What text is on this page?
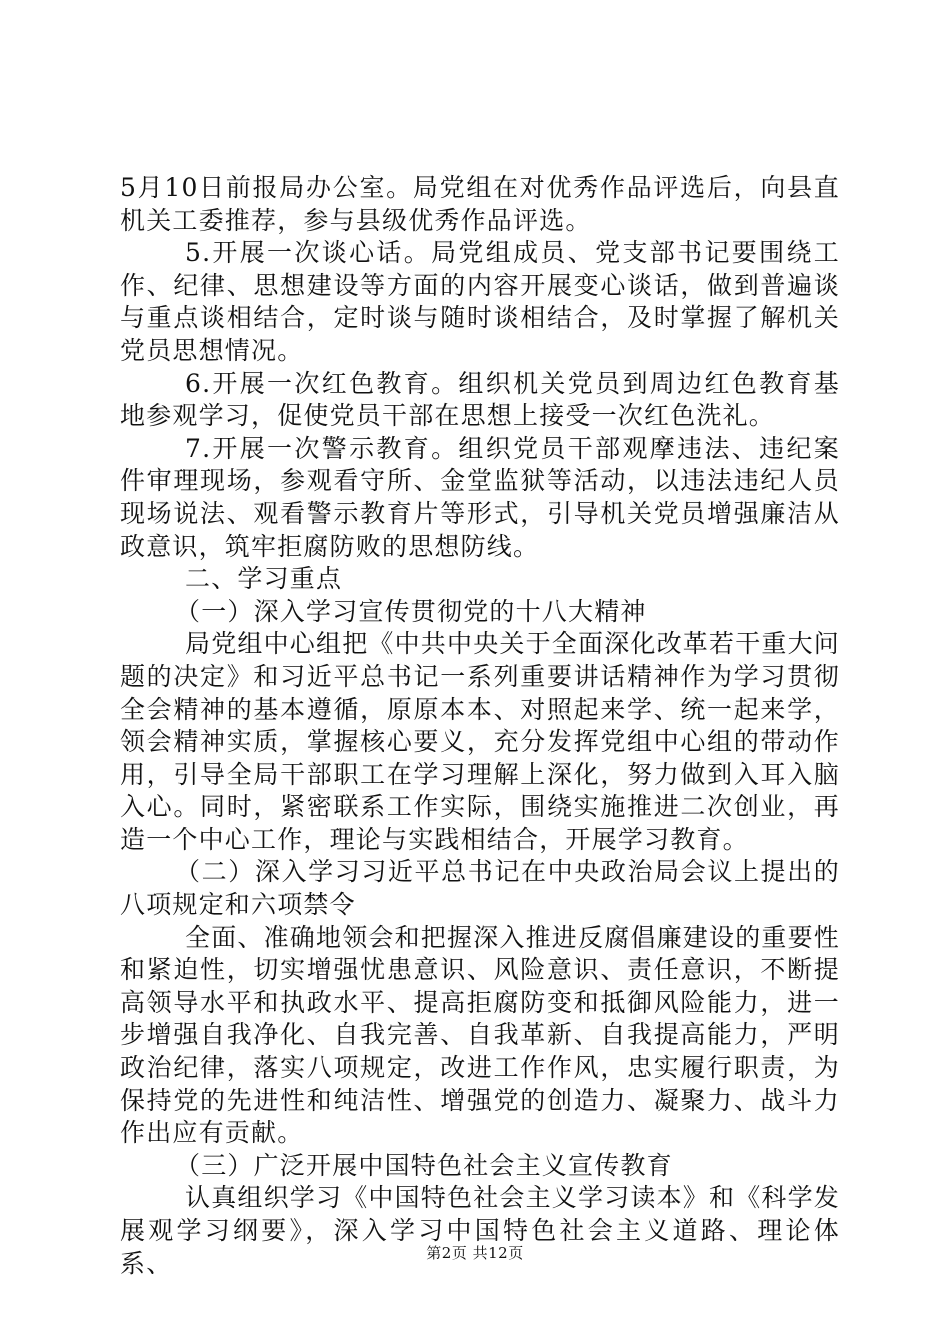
5月10日前报局办公室。局党组在对优秀作品评选后，向县直机关工委推荐，参与县级优秀作品评选。

5.开展一次谈心话。局党组成员、党支部书记要围绕工作、纪律、思想建设等方面的内容开展变心谈话，做到普遍谈与重点谈相结合，定时谈与随时谈相结合，及时掌握了解机关党员思想情况。

6.开展一次红色教育。组织机关党员到周边红色教育基地参观学习，促使党员干部在思想上接受一次红色洗礼。

7.开展一次警示教育。组织党员干部观摩违法、违纪案件审理现场，参观看守所、金堂监狱等活动，以违法违纪人员现场说法、观看警示教育片等形式，引导机关党员增强廉洁从政意识，筑牢拒腐防败的思想防线。

二、学习重点

（一）深入学习宣传贯彻党的十八大精神

局党组中心组把《中共中央关于全面深化改革若干重大问题的决定》和习近平总书记一系列重要讲话精神作为学习贯彻全会精神的基本遵循，原原本本、对照起来学、统一起来学，领会精神实质，掌握核心要义，充分发挥党组中心组的带动作用，引导全局干部职工在学习理解上深化，努力做到入耳入脑入心。同时，紧密联系工作实际，围绕实施推进二次创业，再造一个中心工作，理论与实践相结合，开展学习教育。

（二）深入学习习近平总书记在中央政治局会议上提出的八项规定和六项禁令

全面、准确地领会和把握深入推进反腐倡廉建设的重要性和紧迫性，切实增强忧患意识、风险意识、责任意识，不断提高领导水平和执政水平、提高拒腐防变和抵御风险能力，进一步增强自我净化、自我完善、自我革新、自我提高能力，严明政治纪律，落实八项规定，改进工作作风，忠实履行职责，为保持党的先进性和纯洁性、增强党的创造力、凝聚力、战斗力作出应有贡献。

（三）广泛开展中国特色社会主义宣传教育

认真组织学习《中国特色社会主义学习读本》和《科学发展观学习纲要》，深入学习中国特色社会主义道路、理论体系、	第2页 共12页
